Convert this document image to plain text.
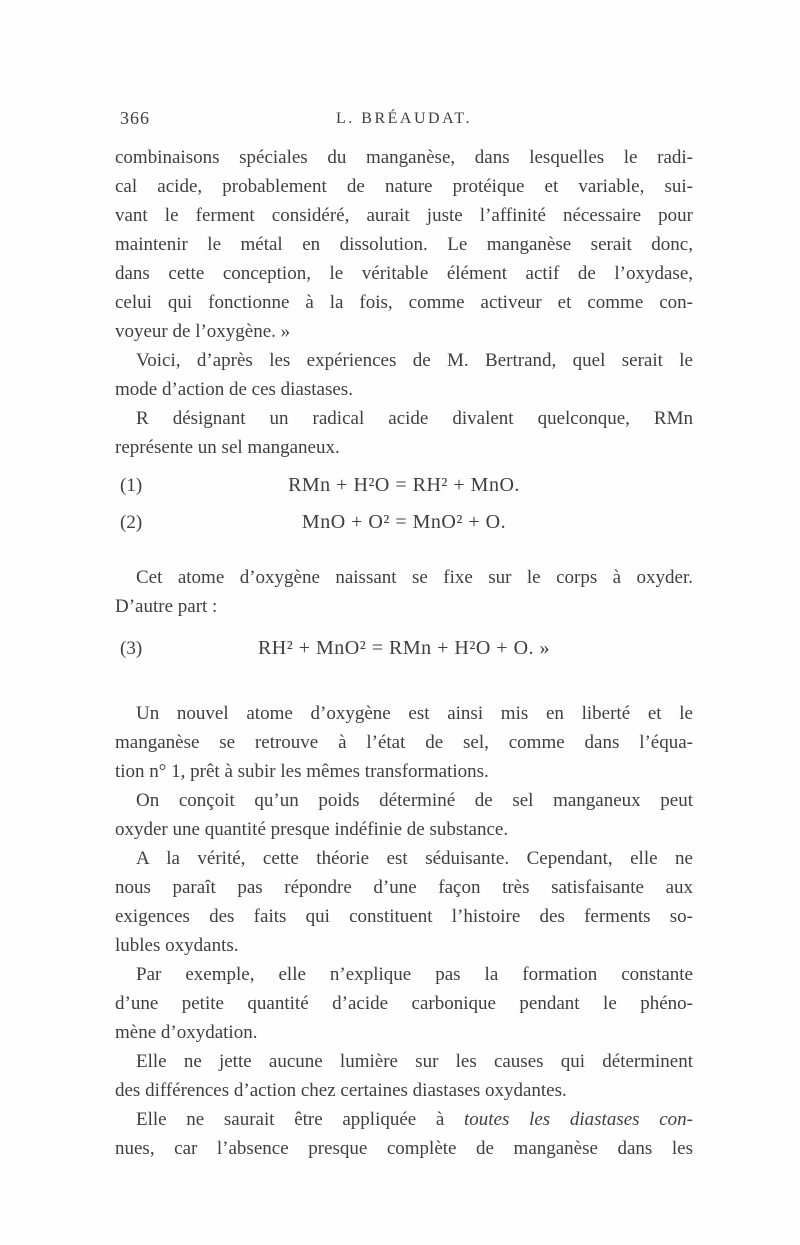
366	L. BRÉAUDAT.
combinaisons spéciales du manganèse, dans lesquelles le radi-
cal acide, probablement de nature protéique et variable, sui-
vant le ferment considéré, aurait juste l’affinité nécessaire pour
maintenir le métal en dissolution. Le manganèse serait donc,
dans cette conception, le véritable élément actif de l’oxydase,
celui qui fonctionne à la fois, comme activeur et comme con-
voyeur de l’oxygène. »
Voici, d’après les expériences de M. Bertrand, quel serait le
mode d’action de ces diastases.
R désignant un radical acide divalent quelconque, RMn
représente un sel manganeux.
(1)	RMn + H²O = RH² + MnO.
(2)	MnO + O² = MnO² + O.
Cet atome d’oxygène naissant se fixe sur le corps à oxyder.
D’autre part :
(3)	RH² + MnO² = RMn + H²O + O. »
Un nouvel atome d’oxygène est ainsi mis en liberté et le
manganèse se retrouve à l’état de sel, comme dans l’équa-
tion n° 1, prêt à subir les mêmes transformations.
On conçoit qu’un poids déterminé de sel manganeux peut
oxyder une quantité presque indéfinie de substance.
A la vérité, cette théorie est séduisante. Cependant, elle ne
nous paraît pas répondre d’une façon très satisfaisante aux
exigences des faits qui constituent l’histoire des ferments so-
lubles oxydants.
Par exemple, elle n’explique pas la formation constante
d’une petite quantité d’acide carbonique pendant le phéno-
mène d’oxydation.
Elle ne jette aucune lumière sur les causes qui déterminent
des différences d’action chez certaines diastases oxydantes.
Elle ne saurait être appliquée à toutes les diastases con-
nues, car l’absence presque complète de manganèse dans les
